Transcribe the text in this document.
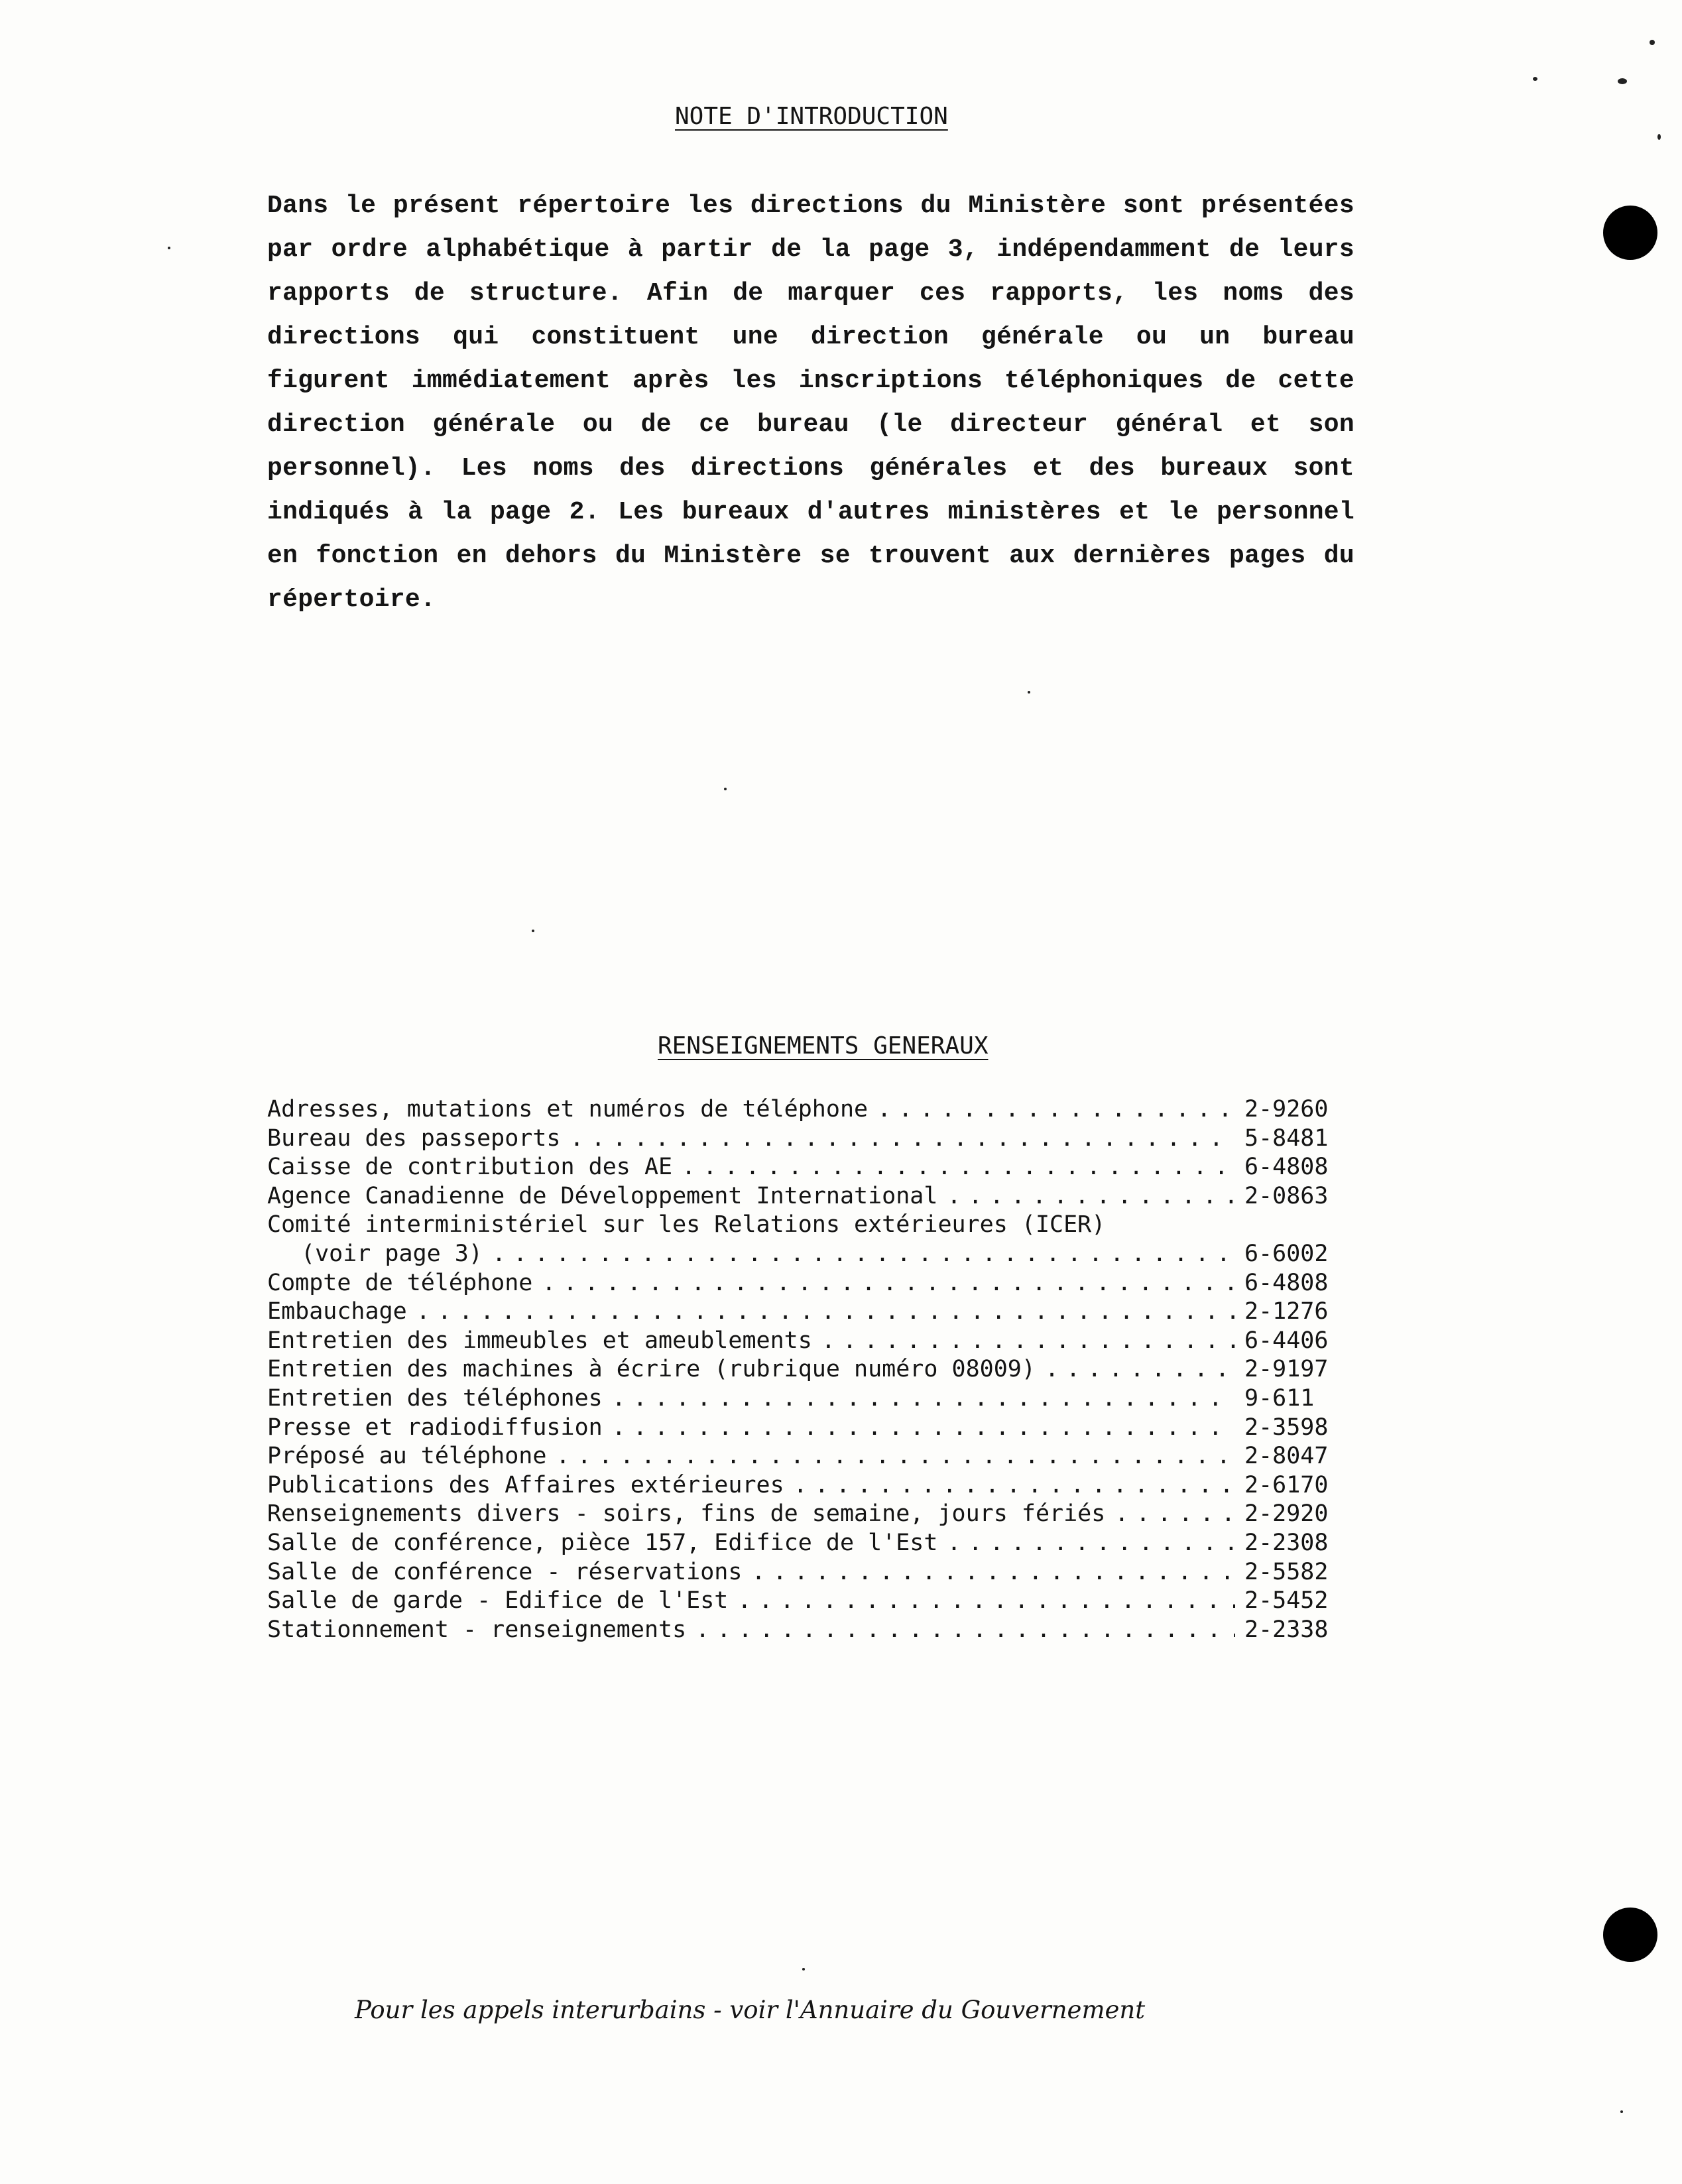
NOTE D'INTRODUCTION

Dans le présent répertoire les directions du Ministère sont présentées par ordre alphabétique à partir de la page 3, indépendamment de leurs rapports de structure. Afin de marquer ces rapports, les noms des directions qui constituent une direction générale ou un bureau figurent immédiatement après les inscriptions téléphoniques de cette direction générale ou de ce bureau (le directeur général et son personnel). Les noms des directions générales et des bureaux sont indiqués à la page 2. Les bureaux d'autres ministères et le personnel en fonction en dehors du Ministère se trouvent aux dernières pages du répertoire.

RENSEIGNEMENTS GENERAUX
Adresses, mutations et numéros de téléphone . . .	2-9260
Bureau des passeports . . .	5-8481
Caisse de contribution des AE . . .	6-4808
Agence Canadienne de Développement International . . .	2-0863
Comité interministériel sur les Relations extérieures (ICER)
(voir page 3) . . .	6-6002
Compte de téléphone . . .	6-4808
Embauchage . . .	2-1276
Entretien des immeubles et ameublements . . .	6-4406
Entretien des machines à écrire (rubrique numéro 08009) . . .	2-9197
Entretien des téléphones . . .	9-611
Presse et radiodiffusion . . .	2-3598
Préposé au téléphone . . .	2-8047
Publications des Affaires extérieures . . .	2-6170
Renseignements divers - soirs, fins de semaine, jours fériés . . .	2-2920
Salle de conférence, pièce 157, Edifice de l'Est . . .	2-2308
Salle de conférence - réservations . . .	2-5582
Salle de garde - Edifice de l'Est . . .	2-5452
Stationnement - renseignements . . .	2-2338

Pour les appels interurbains - voir l'Annuaire du Gouvernement
